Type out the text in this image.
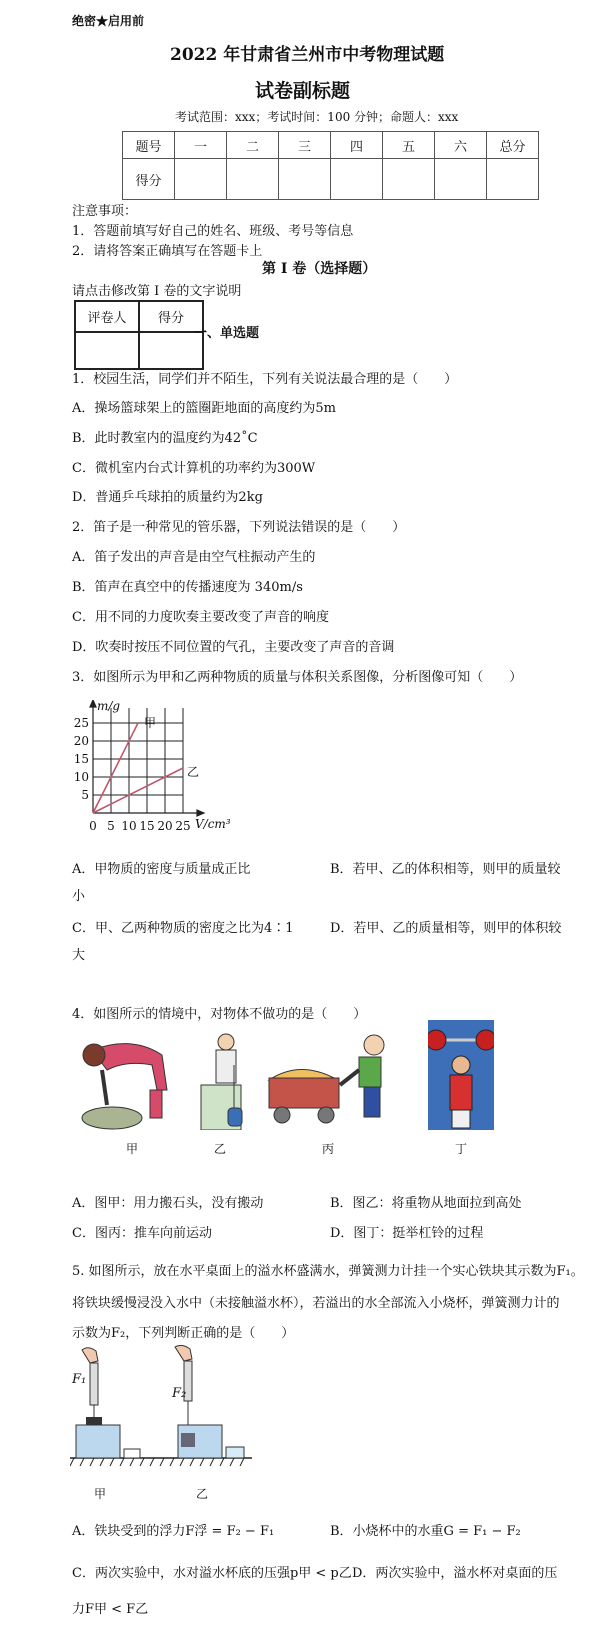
绝密★启用前
2022 年甘肃省兰州市中考物理试题
试卷副标题
考试范围：xxx；考试时间：100 分钟；命题人：xxx
题号	一	二	三	四	五	六	总分
得分							
注意事项：
1．答题前填写好自己的姓名、班级、考号等信息
2．请将答案正确填写在答题卡上
第 I 卷（选择题）
请点击修改第 I 卷的文字说明
评卷人	得分

一、单选题
1．校园生活，同学们并不陌生，下列有关说法最合理的是（　　）
A．操场篮球架上的篮圈距地面的高度约为5m
B．此时教室内的温度约为42˚C
C．微机室内台式计算机的功率约为300W
D．普通乒乓球拍的质量约为2kg
2．笛子是一种常见的管乐器，下列说法错误的是（　　）
A．笛子发出的声音是由空气柱振动产生的
B．笛声在真空中的传播速度为 340m/s
C．用不同的力度吹奏主要改变了声音的响度
D．吹奏时按压不同位置的气孔，主要改变了声音的音调
3．如图所示为甲和乙两种物质的质量与体积关系图像，分析图像可知（　　）
0 5 10 15 20 25
5
10
15
20
25
m/g
V/cm³
甲
乙
A．甲物质的密度与质量成正比	B．若甲、乙的体积相等，则甲的质量较
小
C．甲、乙两种物质的密度之比为4∶1	D．若甲、乙的质量相等，则甲的体积较
大
4．如图所示的情境中，对物体不做功的是（　　）
甲	乙	丙	丁
A．图甲：用力搬石头，没有搬动	B．图乙：将重物从地面拉到高处
C．图丙：推车向前运动	D．图丁：挺举杠铃的过程
5. 如图所示，放在水平桌面上的溢水杯盛满水，弹簧测力计挂一个实心铁块其示数为F₁。
将铁块缓慢浸没入水中（未接触溢水杯），若溢出的水全部流入小烧杯，弹簧测力计的
示数为F₂，下列判断正确的是（　　）
F₁
F₂
甲	乙
A．铁块受到的浮力F浮 = F₂ − F₁	B．小烧杯中的水重G = F₁ − F₂
C．两次实验中，水对溢水杯底的压强p甲 < p乙 D．两次实验中，溢水杯对桌面的压
力F甲 < F乙
